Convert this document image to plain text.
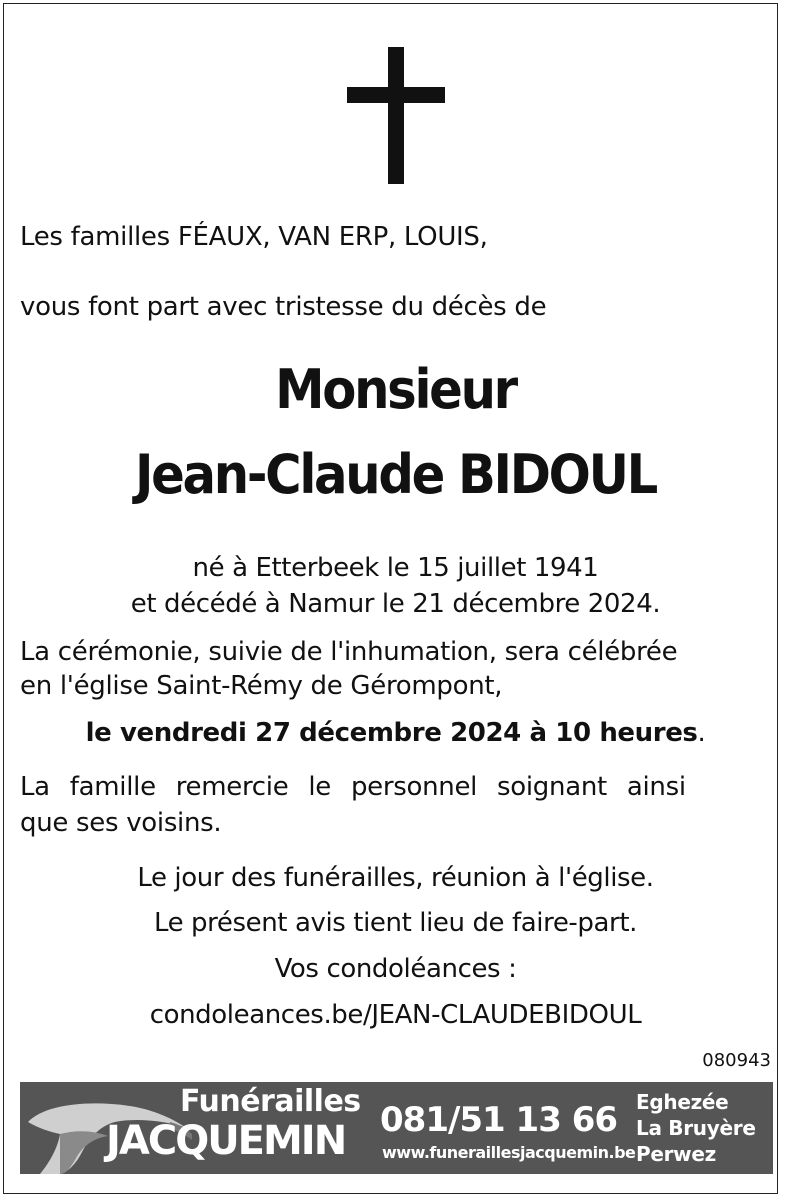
Les familles FÉAUX, VAN ERP, LOUIS,
vous font part avec tristesse du décès de
Monsieur
Jean-Claude BIDOUL
né à Etterbeek le 15 juillet 1941
et décédé à Namur le 21 décembre 2024.
La cérémonie, suivie de l'inhumation, sera célébrée
en l'église Saint-Rémy de Gérompont,
le vendredi 27 décembre 2024 à 10 heures.
La famille remercie le personnel soignant ainsi
que ses voisins.
Le jour des funérailles, réunion à l'église.
Le présent avis tient lieu de faire-part.
Vos condoléances :
condoleances.be/JEAN-CLAUDEBIDOUL
080943
Funérailles
JACQUEMIN 081/51 13 66
www.funeraillesjacquemin.be
Eghezée
La Bruyère
Perwez
